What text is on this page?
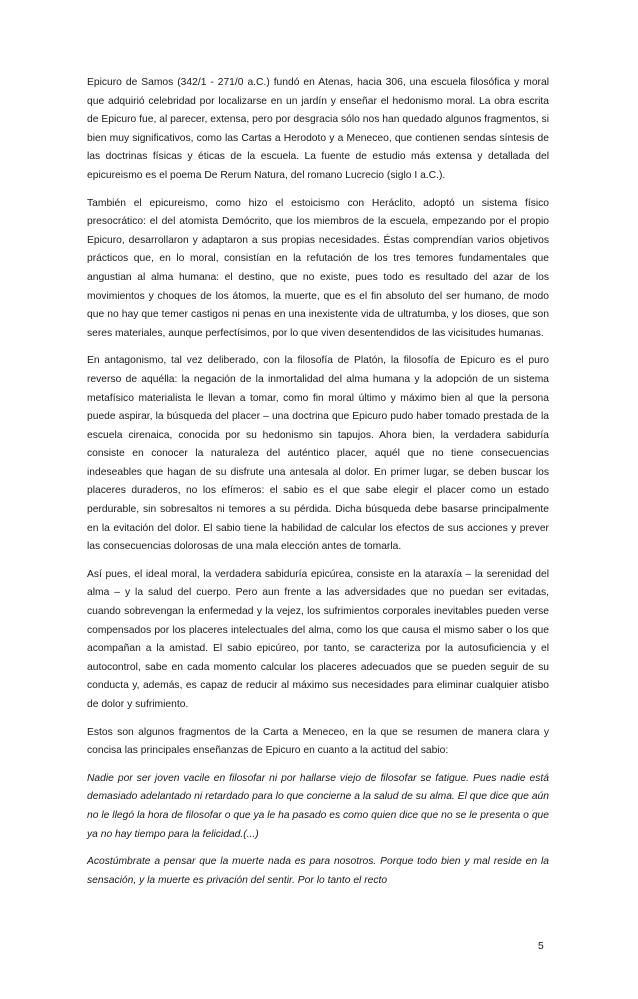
Epicuro de Samos (342/1 - 271/0 a.C.) fundó en Atenas, hacia 306, una escuela filosófica y moral que adquirió celebridad por localizarse en un jardín y enseñar el hedonismo moral. La obra escrita de Epicuro fue, al parecer, extensa, pero por desgracia sólo nos han quedado algunos fragmentos, si bien muy significativos, como las Cartas a Herodoto y a Meneceo, que contienen sendas síntesis de las doctrinas físicas y éticas de la escuela. La fuente de estudio más extensa y detallada del epicureismo es el poema De Rerum Natura, del romano Lucrecio (siglo I a.C.).

También el epicureismo, como hizo el estoicismo con Heráclito, adoptó un sistema físico presocrático: el del atomista Demócrito, que los miembros de la escuela, empezando por el propio Epicuro, desarrollaron y adaptaron a sus propias necesidades. Éstas comprendían varios objetivos prácticos que, en lo moral, consistían en la refutación de los tres temores fundamentales que angustian al alma humana: el destino, que no existe, pues todo es resultado del azar de los movimientos y choques de los átomos, la muerte, que es el fin absoluto del ser humano, de modo que no hay que temer castigos ni penas en una inexistente vida de ultratumba, y los dioses, que son seres materiales, aunque perfectísimos, por lo que viven desentendidos de las vicisitudes humanas.

En antagonismo, tal vez deliberado, con la filosofía de Platón, la filosofía de Epicuro es el puro reverso de aquélla: la negación de la inmortalidad del alma humana y la adopción de un sistema metafísico materialista le llevan a tomar, como fin moral último y máximo bien al que la persona puede aspirar, la búsqueda del placer – una doctrina que Epicuro pudo haber tomado prestada de la escuela cirenaica, conocida por su hedonismo sin tapujos. Ahora bien, la verdadera sabiduría consiste en conocer la naturaleza del auténtico placer, aquél que no tiene consecuencias indeseables que hagan de su disfrute una antesala al dolor. En primer lugar, se deben buscar los placeres duraderos, no los efímeros: el sabio es el que sabe elegir el placer como un estado perdurable, sin sobresaltos ni temores a su pérdida. Dicha búsqueda debe basarse principalmente en la evitación del dolor. El sabio tiene la habilidad de calcular los efectos de sus acciones y prever las consecuencias dolorosas de una mala elección antes de tomarla.

Así pues, el ideal moral, la verdadera sabiduría epicúrea, consiste en la ataraxía – la serenidad del alma – y la salud del cuerpo. Pero aun frente a las adversidades que no puedan ser evitadas, cuando sobrevengan la enfermedad y la vejez, los sufrimientos corporales inevitables pueden verse compensados por los placeres intelectuales del alma, como los que causa el mismo saber o los que acompañan a la amistad. El sabio epicúreo, por tanto, se caracteriza por la autosuficiencia y el autocontrol, sabe en cada momento calcular los placeres adecuados que se pueden seguir de su conducta y, además, es capaz de reducir al máximo sus necesidades para eliminar cualquier atisbo de dolor y sufrimiento.

Estos son algunos fragmentos de la Carta a Meneceo, en la que se resumen de manera clara y concisa las principales enseñanzas de Epicuro en cuanto a la actitud del sabio:

Nadie por ser joven vacile en filosofar ni por hallarse viejo de filosofar se fatigue. Pues nadie está demasiado adelantado ni retardado para lo que concierne a la salud de su alma. El que dice que aún no le llegó la hora de filosofar o que ya le ha pasado es como quien dice que no se le presenta o que ya no hay tiempo para la felicidad.(...)

Acostúmbrate a pensar que la muerte nada es para nosotros. Porque todo bien y mal reside en la sensación, y la muerte es privación del sentir. Por lo tanto el recto

5
